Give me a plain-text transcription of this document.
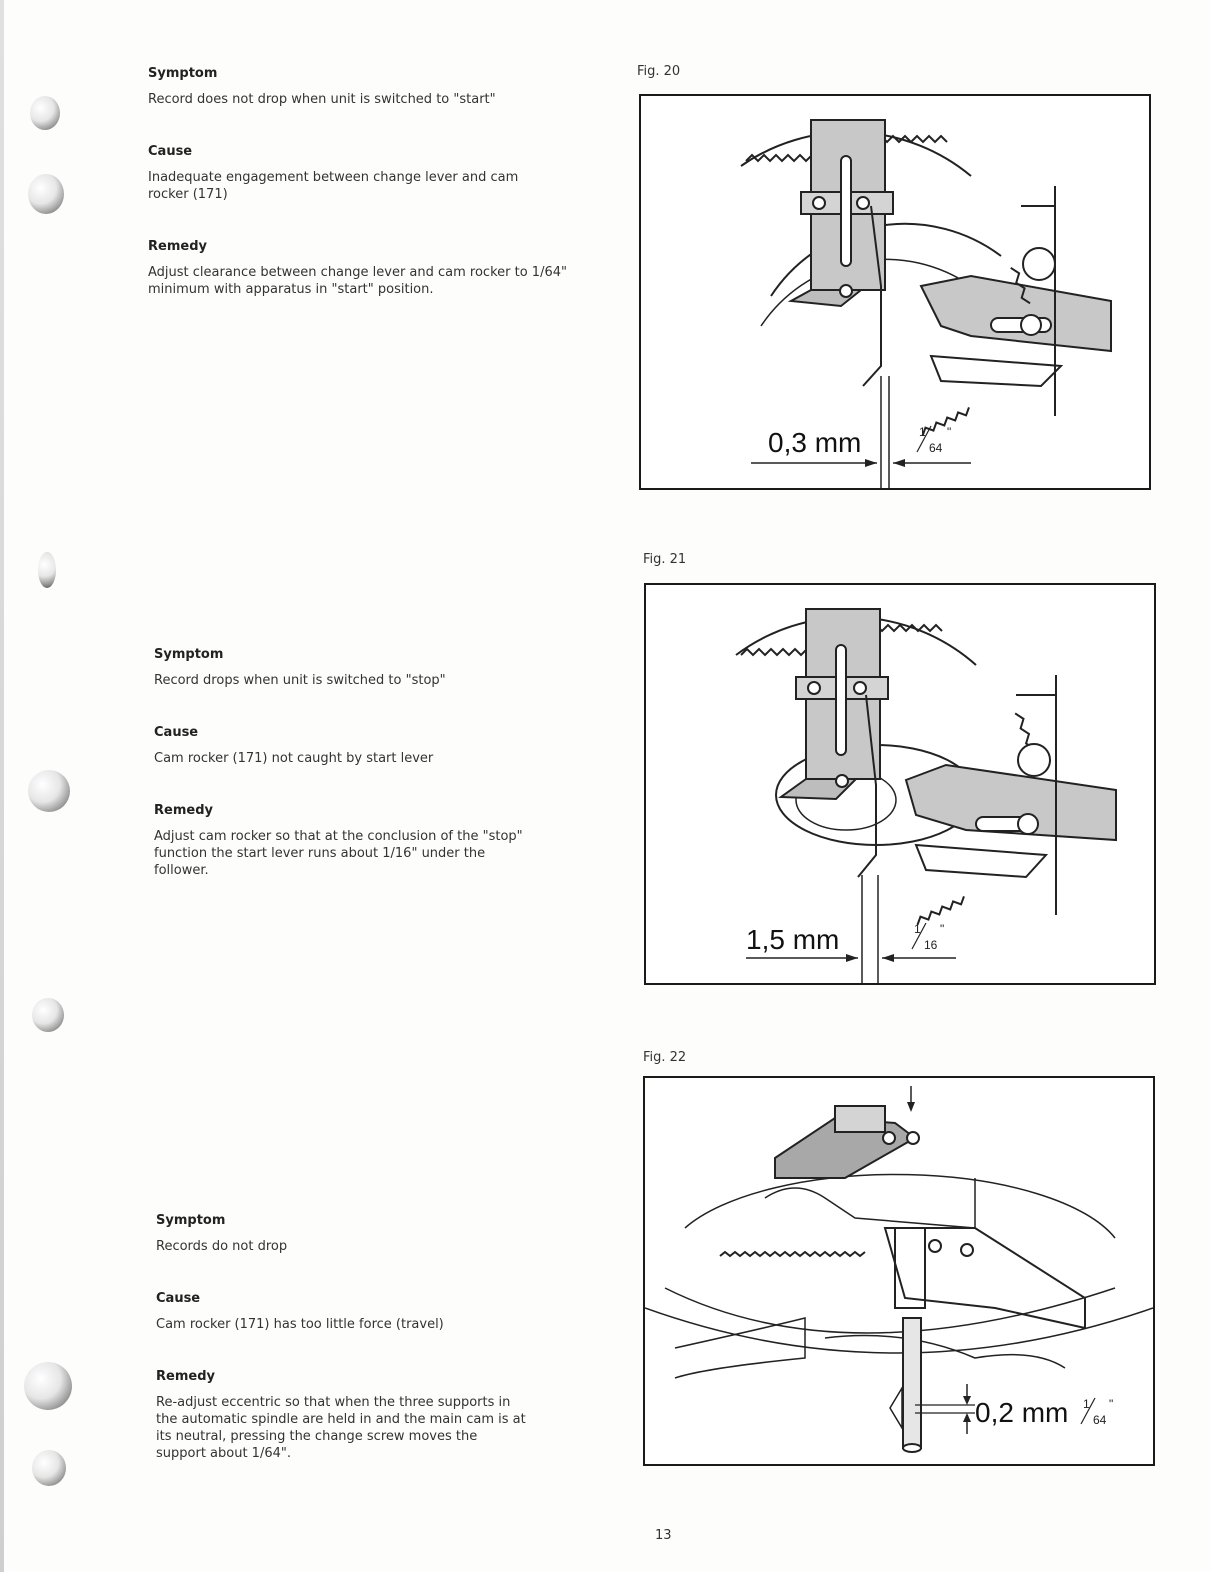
Symptom

Record does not drop when unit is switched to "start"

Cause

Inadequate engagement between change lever and cam rocker (171)

Remedy

Adjust clearance between change lever and cam rocker to 1/64" minimum with apparatus in "start" position.

Symptom

Record drops when unit is switched to "stop"

Cause

Cam rocker (171) not caught by start lever

Remedy

Adjust cam rocker so that at the conclusion of the "stop" function the start lever runs about 1/16" under the follower.

Symptom

Records do not drop

Cause

Cam rocker (171) has too little force (travel)

Remedy

Re-adjust eccentric so that when the three supports in the automatic spindle are held in and the main cam is at its neutral, pressing the change screw moves the support about 1/64".

Fig. 20
0,3 mm	1
64
"
Fig. 21
1,5 mm	1
16
"
Fig. 22
0,2 mm 1
64
"
13
